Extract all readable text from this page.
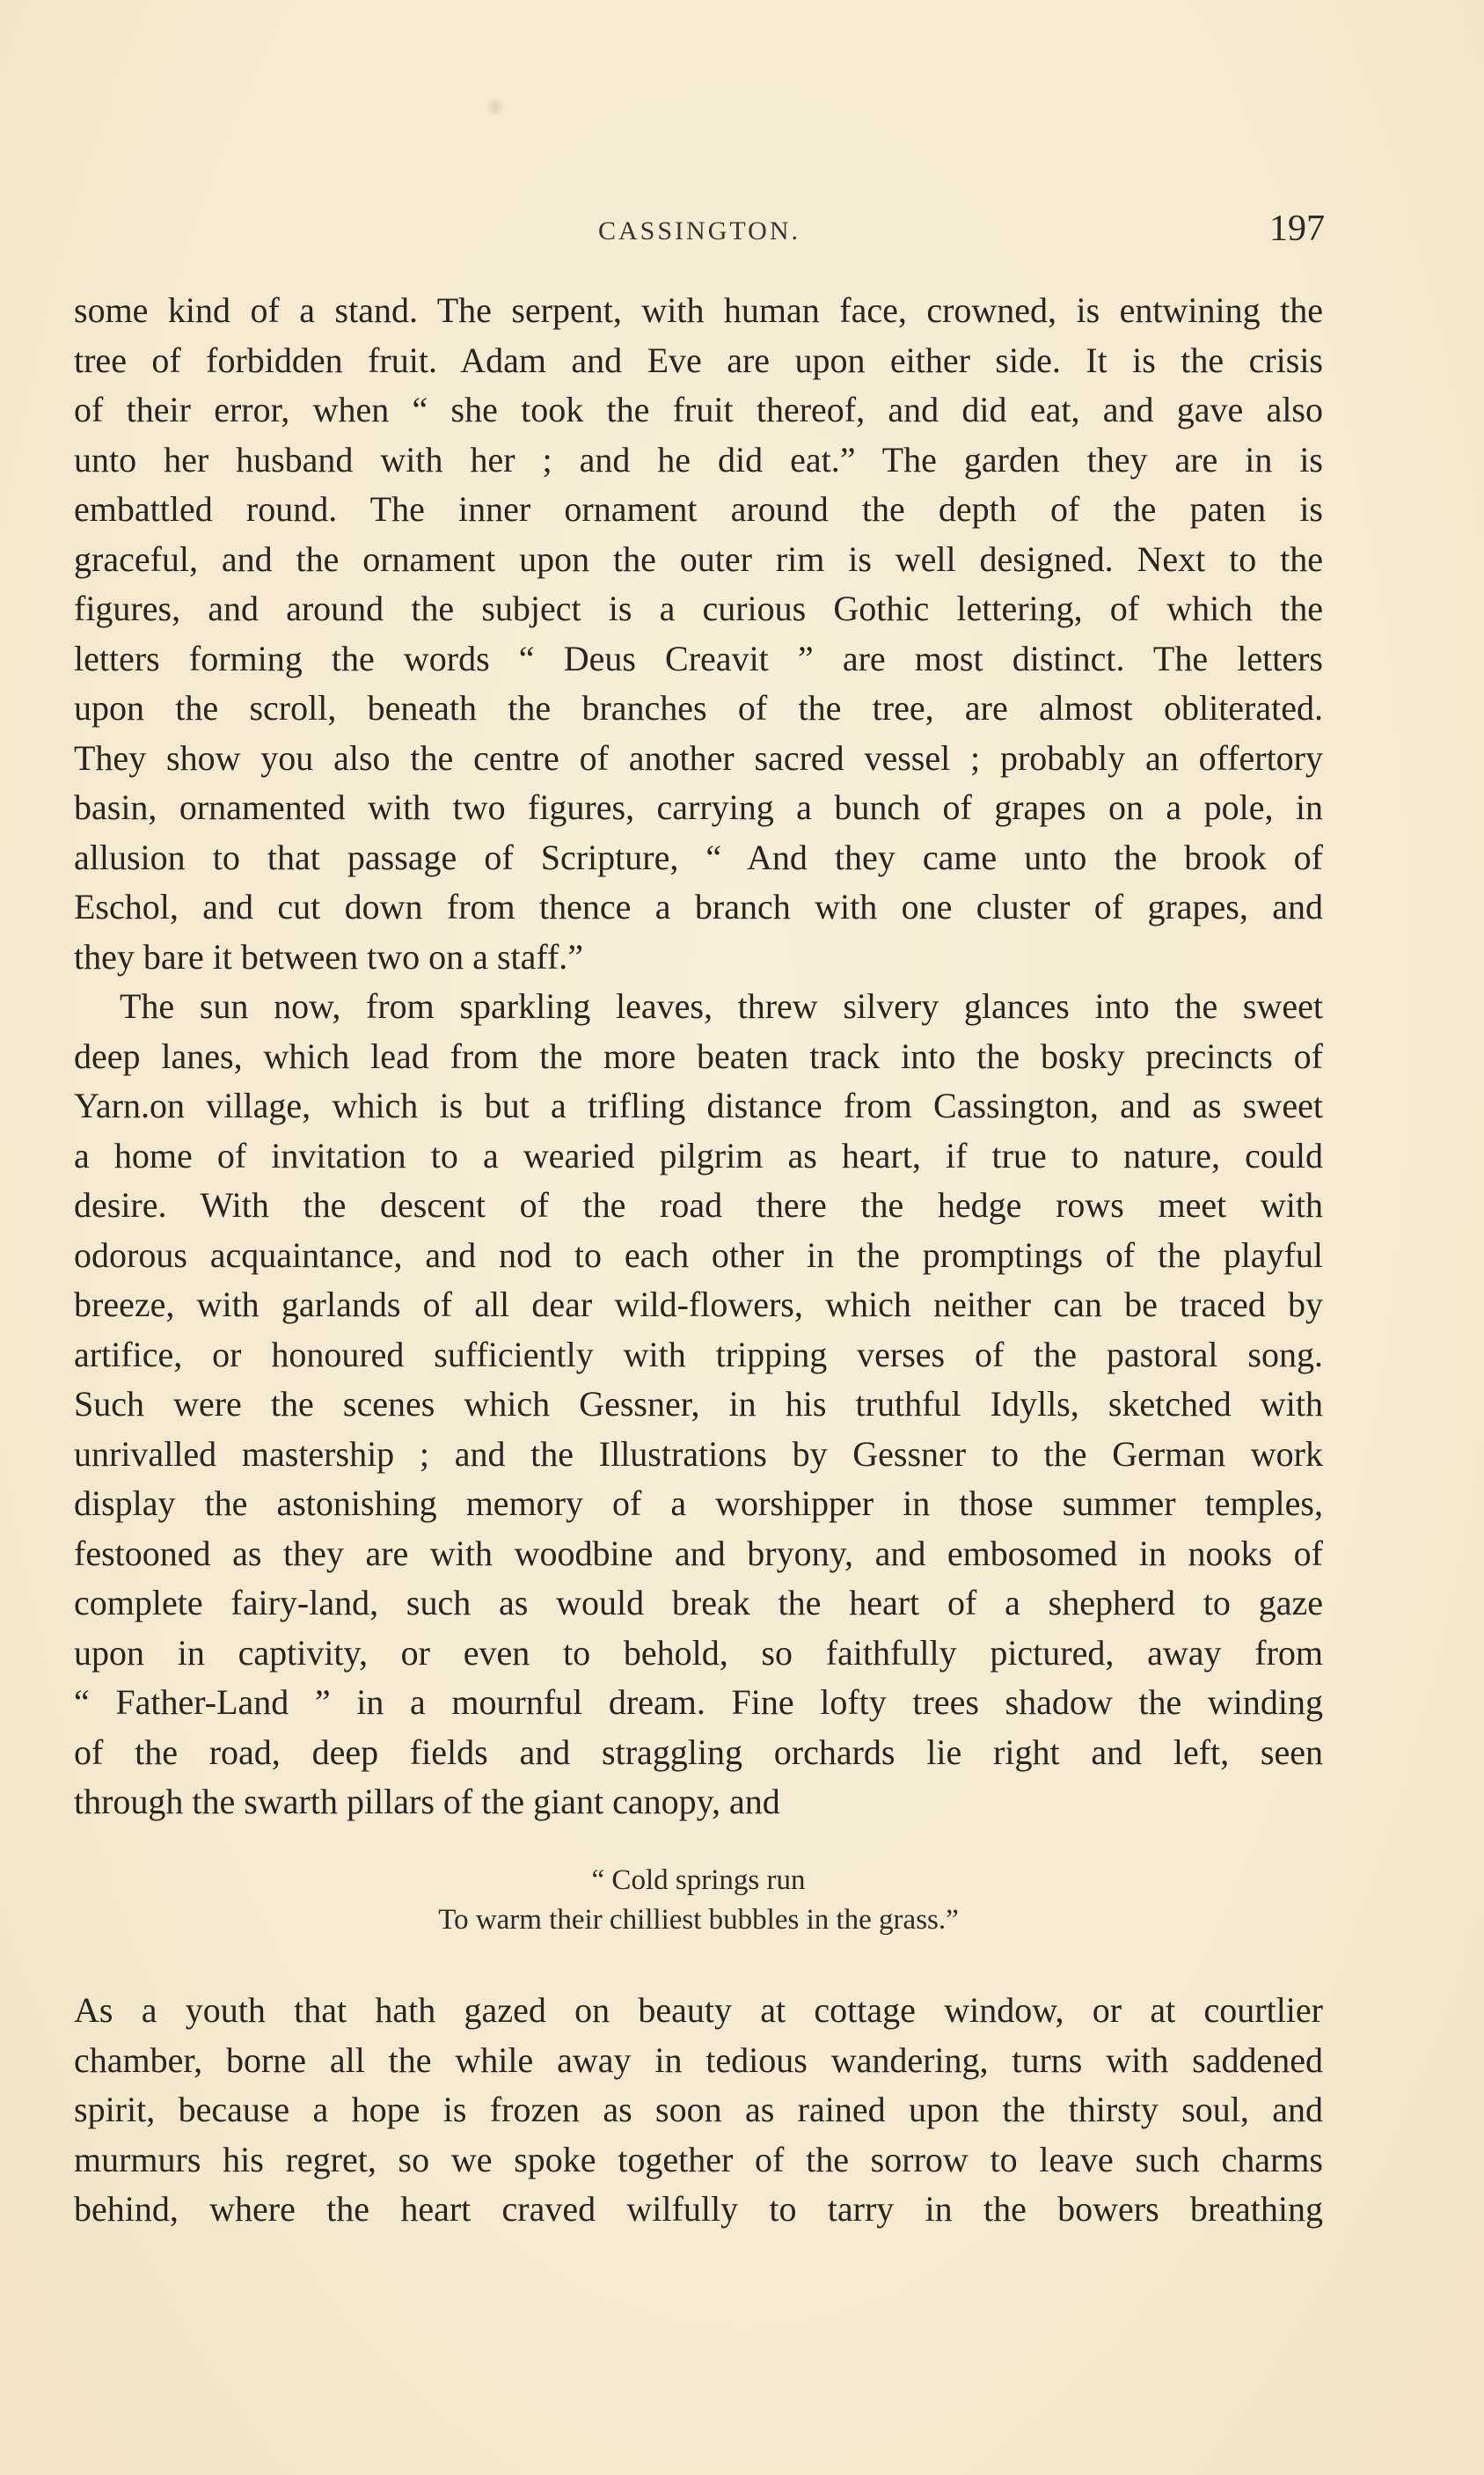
CASSINGTON.	197
some kind of a stand. The serpent, with human face, crowned, is entwining the
tree of forbidden fruit. Adam and Eve are upon either side. It is the crisis
of their error, when “ she took the fruit thereof, and did eat, and gave also
unto her husband with her ; and he did eat.” The garden they are in is
embattled round. The inner ornament around the depth of the paten is
graceful, and the ornament upon the outer rim is well designed. Next to the
figures, and around the subject is a curious Gothic lettering, of which the
letters forming the words “ Deus Creavit ” are most distinct. The letters
upon the scroll, beneath the branches of the tree, are almost obliterated.
They show you also the centre of another sacred vessel ; probably an offertory
basin, ornamented with two figures, carrying a bunch of grapes on a pole, in
allusion to that passage of Scripture, “ And they came unto the brook of
Eschol, and cut down from thence a branch with one cluster of grapes, and
they bare it between two on a staff.”
The sun now, from sparkling leaves, threw silvery glances into the sweet
deep lanes, which lead from the more beaten track into the bosky precincts of
Yarn.on village, which is but a trifling distance from Cassington, and as sweet
a home of invitation to a wearied pilgrim as heart, if true to nature, could
desire. With the descent of the road there the hedge rows meet with
odorous acquaintance, and nod to each other in the promptings of the playful
breeze, with garlands of all dear wild-flowers, which neither can be traced by
artifice, or honoured sufficiently with tripping verses of the pastoral song.
Such were the scenes which Gessner, in his truthful Idylls, sketched with
unrivalled mastership ; and the Illustrations by Gessner to the German work
display the astonishing memory of a worshipper in those summer temples,
festooned as they are with woodbine and bryony, and embosomed in nooks of
complete fairy-land, such as would break the heart of a shepherd to gaze
upon in captivity, or even to behold, so faithfully pictured, away from
“ Father-Land ” in a mournful dream. Fine lofty trees shadow the winding
of the road, deep fields and straggling orchards lie right and left, seen
through the swarth pillars of the giant canopy, and
“ Cold springs run
To warm their chilliest bubbles in the grass.”
As a youth that hath gazed on beauty at cottage window, or at courtlier
chamber, borne all the while away in tedious wandering, turns with saddened
spirit, because a hope is frozen as soon as rained upon the thirsty soul, and
murmurs his regret, so we spoke together of the sorrow to leave such charms
behind, where the heart craved wilfully to tarry in the bowers breathing
